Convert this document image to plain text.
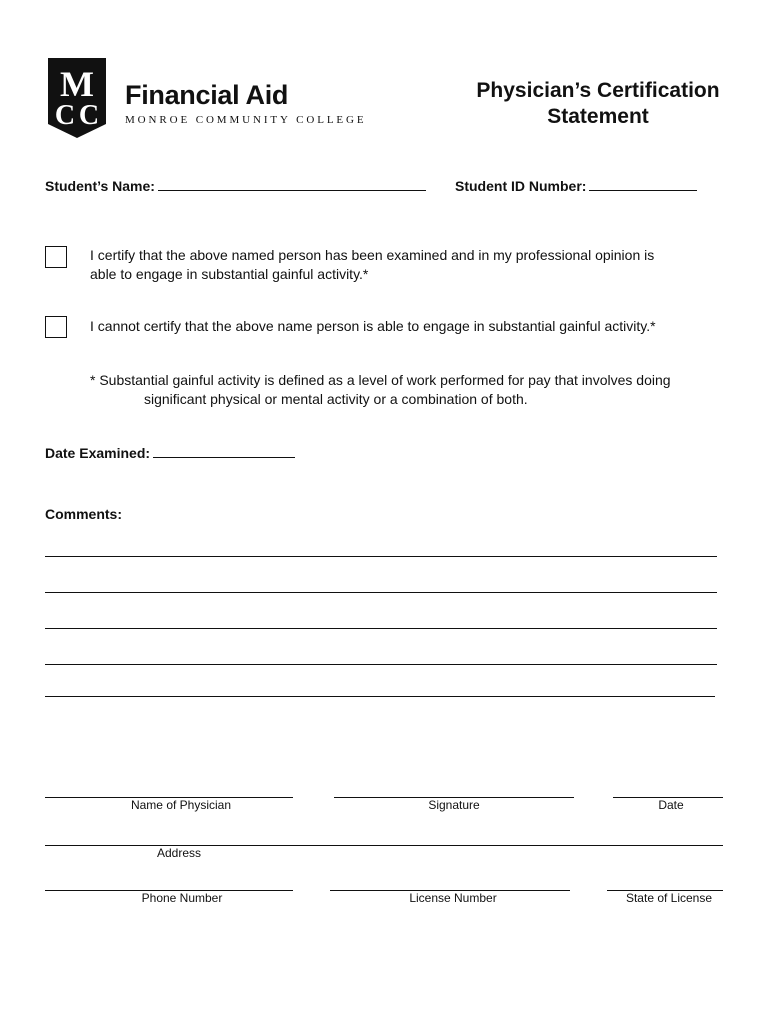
M
C C
Financial Aid
MONROE COMMUNITY COLLEGE
Physician’s Certification
Statement
Student’s Name:	Student ID Number:
I certify that the above named person has been examined and in my professional opinion is
able to engage in substantial gainful activity.*
I cannot certify that the above name person is able to engage in substantial gainful activity.*
* Substantial gainful activity is defined as a level of work performed for pay that involves doing
significant physical or mental activity or a combination of both.
Date Examined:
Comments:
Name of Physician	Signature	Date
Address
Phone Number	License Number	State of License
